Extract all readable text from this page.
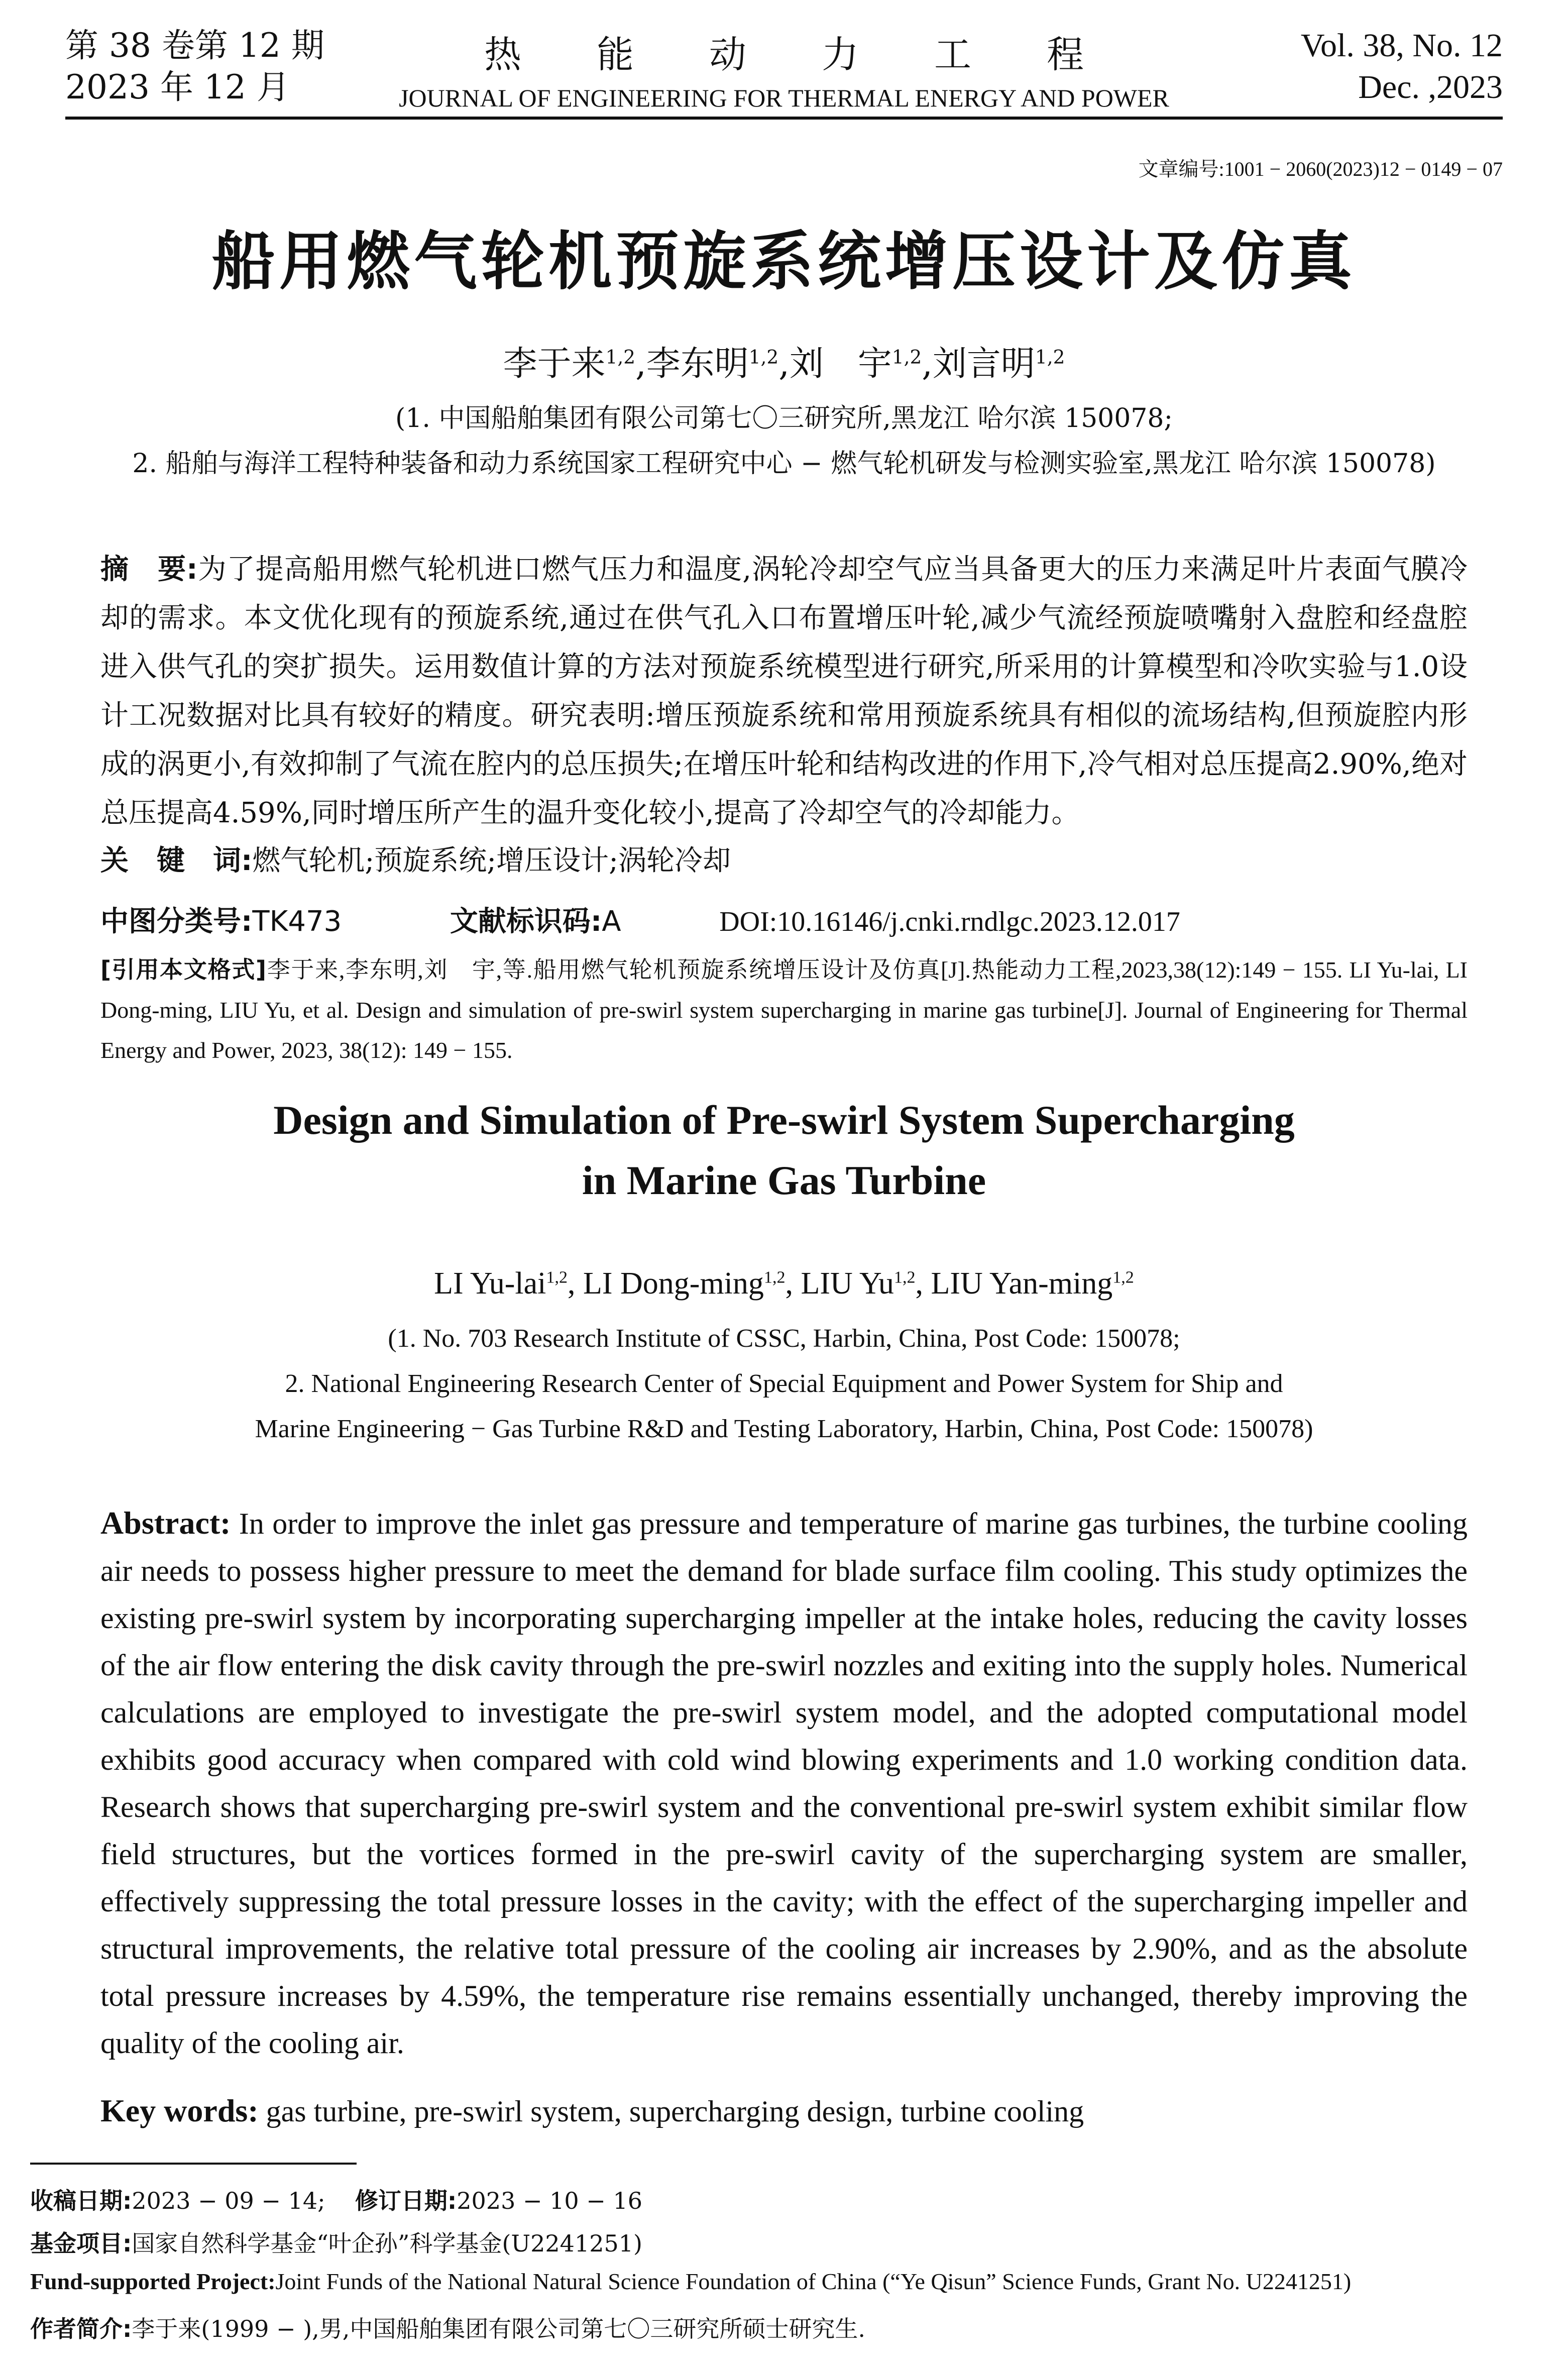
第 38 卷第 12 期
2023 年 12 月
热能动力工程
JOURNAL OF ENGINEERING FOR THERMAL ENERGY AND POWER
Vol. 38, No. 12
Dec. ,2023
文章编号:1001 − 2060(2023)12 − 0149 − 07
船用燃气轮机预旋系统增压设计及仿真
李于来$^{1,2}$,李东明$^{1,2}$,刘　宇$^{1,2}$,刘言明$^{1,2}$
(1. 中国船舶集团有限公司第七〇三研究所,黑龙江 哈尔滨 150078;
2. 船舶与海洋工程特种装备和动力系统国家工程研究中心 − 燃气轮机研发与检测实验室,黑龙江 哈尔滨 150078)
摘　要:为了提高船用燃气轮机进口燃气压力和温度,涡轮冷却空气应当具备更大的压力来满足叶片表面气膜冷却的需求。本文优化现有的预旋系统,通过在供气孔入口布置增压叶轮,减少气流经预旋喷嘴射入盘腔和经盘腔进入供气孔的突扩损失。运用数值计算的方法对预旋系统模型进行研究,所采用的计算模型和冷吹实验与1.0设计工况数据对比具有较好的精度。研究表明:增压预旋系统和常用预旋系统具有相似的流场结构,但预旋腔内形成的涡更小,有效抑制了气流在腔内的总压损失;在增压叶轮和结构改进的作用下,冷气相对总压提高2.90%,绝对总压提高4.59%,同时增压所产生的温升变化较小,提高了冷却空气的冷却能力。
关　键　词:燃气轮机;预旋系统;增压设计;涡轮冷却
中图分类号:TK473	文献标识码:A	DOI:10.16146/j.cnki.rndlgc.2023.12.017
[引用本文格式]李于来,李东明,刘　宇,等.船用燃气轮机预旋系统增压设计及仿真[J].热能动力工程,2023,38(12):149 − 155. LI Yu-lai, LI Dong-ming, LIU Yu, et al. Design and simulation of pre-swirl system supercharging in marine gas turbine[J]. Journal of Engineering for Thermal Energy and Power, 2023, 38(12): 149 − 155.
Design and Simulation of Pre-swirl System Supercharging
in Marine Gas Turbine
LI Yu-lai$^{1,2}$, LI Dong-ming$^{1,2}$, LIU Yu$^{1,2}$, LIU Yan-ming$^{1,2}$
(1. No. 703 Research Institute of CSSC, Harbin, China, Post Code: 150078;
2. National Engineering Research Center of Special Equipment and Power System for Ship and
Marine Engineering − Gas Turbine R&D and Testing Laboratory, Harbin, China, Post Code: 150078)
Abstract: In order to improve the inlet gas pressure and temperature of marine gas turbines, the turbine cooling air needs to possess higher pressure to meet the demand for blade surface film cooling. This study optimizes the existing pre-swirl system by incorporating supercharging impeller at the intake holes, reducing the cavity losses of the air flow entering the disk cavity through the pre-swirl nozzles and exiting into the supply holes. Numerical calculations are employed to investigate the pre-swirl system model, and the adopted computational model exhibits good accuracy when compared with cold wind blowing experiments and 1.0 working condition data. Research shows that supercharging pre-swirl system and the conventional pre-swirl system exhibit similar flow field structures, but the vortices formed in the pre-swirl cavity of the supercharging system are smaller, effectively suppressing the total pressure losses in the cavity; with the effect of the supercharging impeller and structural improvements, the relative total pressure of the cooling air increases by 2.90%, and as the absolute total pressure increases by 4.59%, the temperature rise remains essentially unchanged, thereby improving the quality of the cooling air.
Key words: gas turbine, pre-swirl system, supercharging design, turbine cooling
收稿日期:2023 − 09 − 14; 修订日期:2023 − 10 − 16
基金项目:国家自然科学基金“叶企孙”科学基金(U2241251)
Fund-supported Project:Joint Funds of the National Natural Science Foundation of China (“Ye Qisun” Science Funds, Grant No. U2241251)
作者简介:李于来(1999 − ),男,中国船舶集团有限公司第七〇三研究所硕士研究生.
